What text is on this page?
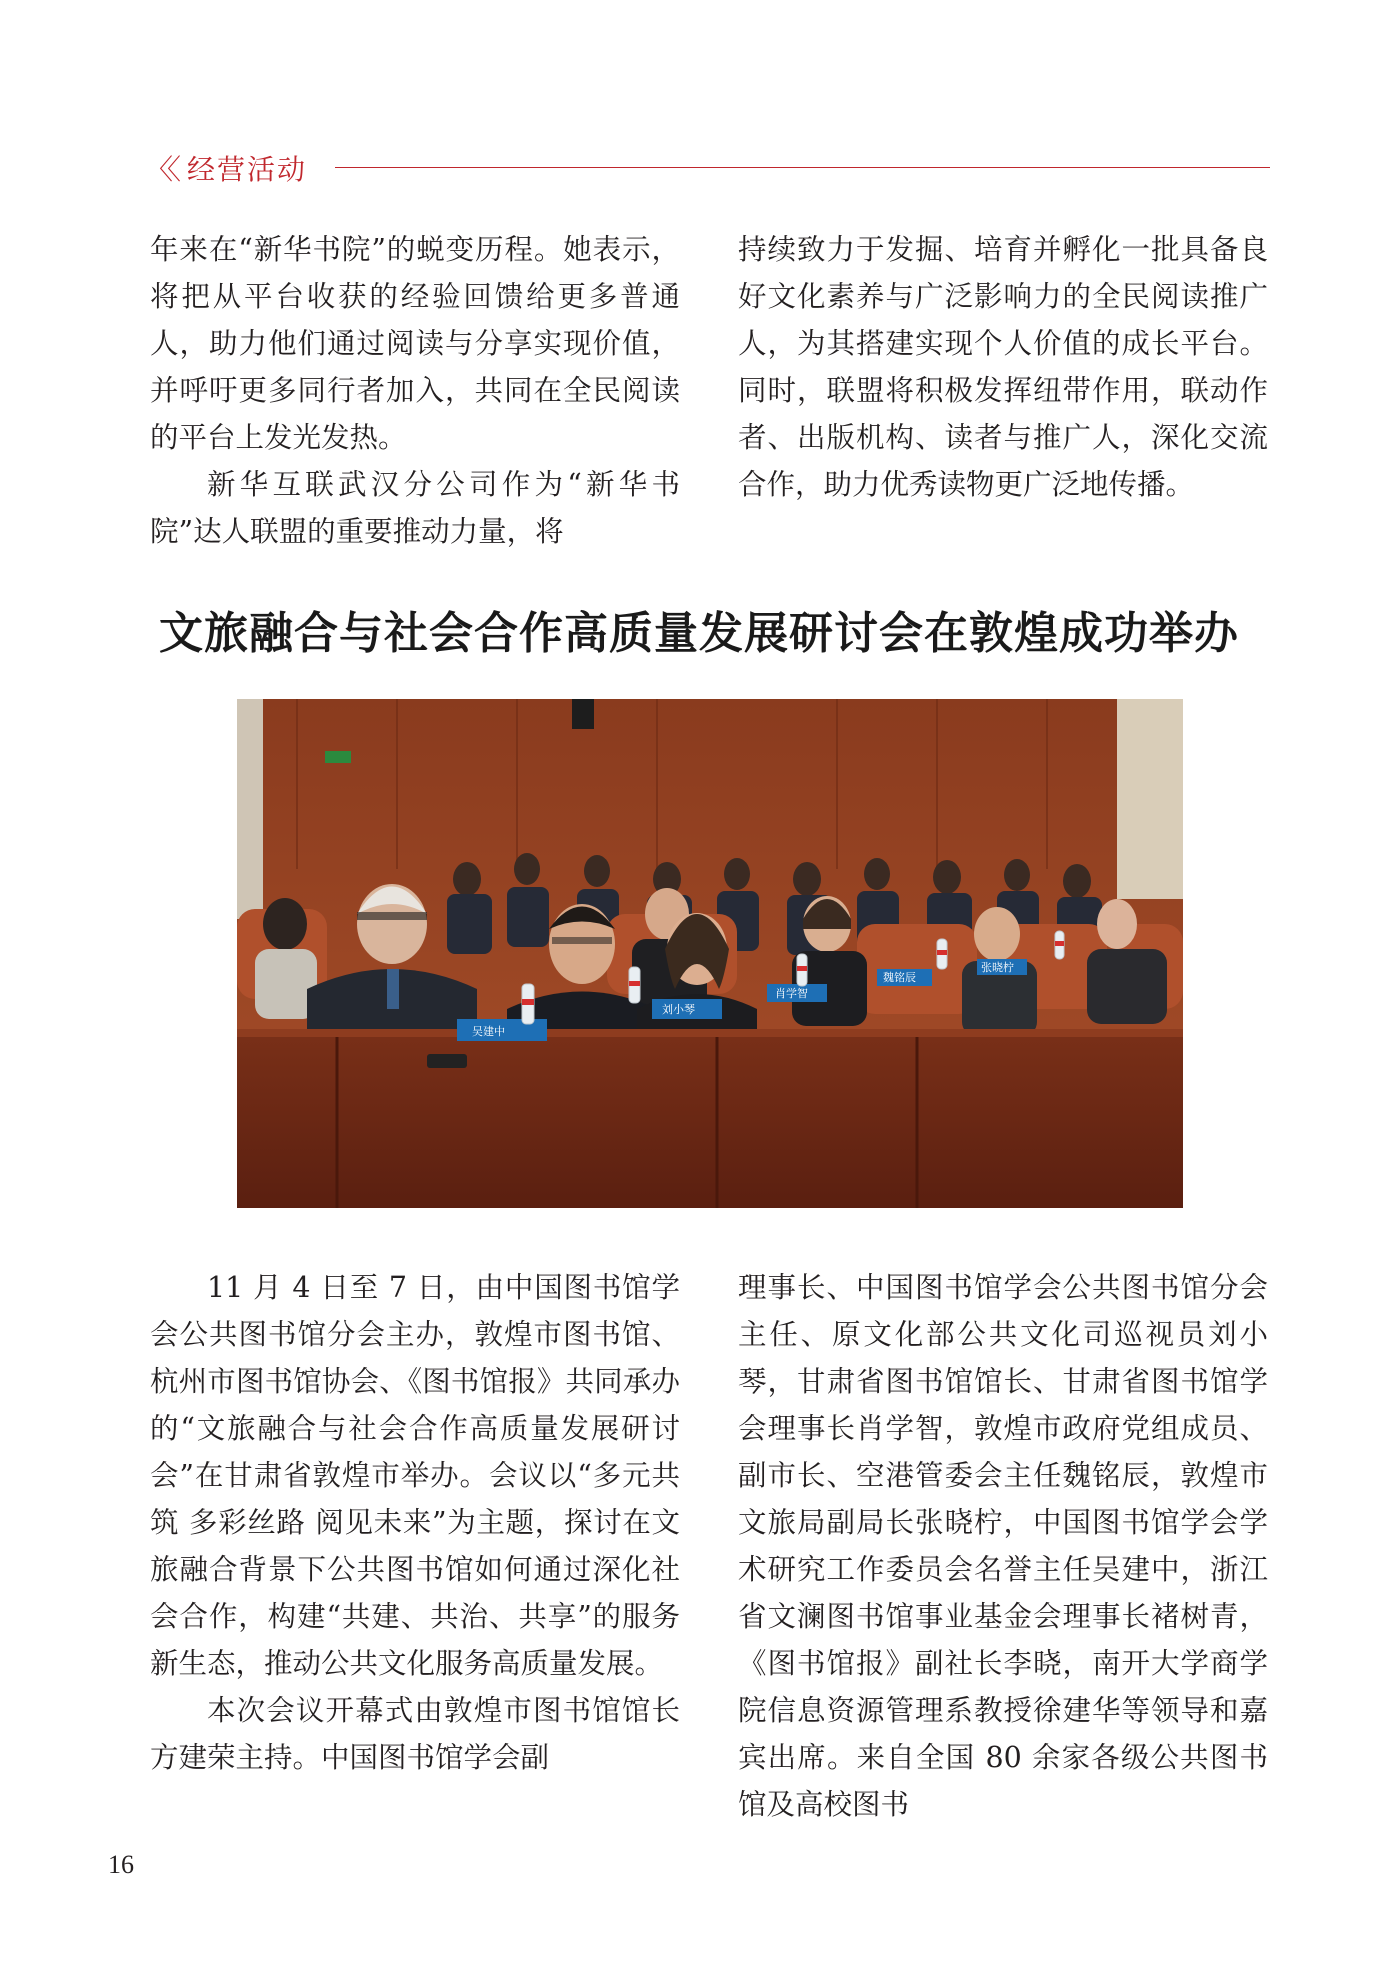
〈〈 经营活动

年来在“新华书院”的蜕变历程。她表示，将把从平台收获的经验回馈给更多普通人，助力他们通过阅读与分享实现价值，并呼吁更多同行者加入，共同在全民阅读的平台上发光发热。

新华互联武汉分公司作为“新华书院”达人联盟的重要推动力量，将

持续致力于发掘、培育并孵化一批具备良好文化素养与广泛影响力的全民阅读推广人，为其搭建实现个人价值的成长平台。同时，联盟将积极发挥纽带作用，联动作者、出版机构、读者与推广人，深化交流合作，助力优秀读物更广泛地传播。

文旅融合与社会合作高质量发展研讨会在敦煌成功举办
吴建中
刘小琴
肖学智
魏铭辰
张晓柠

11 月 4 日至 7 日，由中国图书馆学会公共图书馆分会主办，敦煌市图书馆、杭州市图书馆协会、《图书馆报》共同承办的“文旅融合与社会合作高质量发展研讨会”在甘肃省敦煌市举办。会议以“多元共筑 多彩丝路 阅见未来”为主题，探讨在文旅融合背景下公共图书馆如何通过深化社会合作，构建“共建、共治、共享”的服务新生态，推动公共文化服务高质量发展。

本次会议开幕式由敦煌市图书馆馆长方建荣主持。中国图书馆学会副

理事长、中国图书馆学会公共图书馆分会主任、原文化部公共文化司巡视员刘小琴，甘肃省图书馆馆长、甘肃省图书馆学会理事长肖学智，敦煌市政府党组成员、副市长、空港管委会主任魏铭辰，敦煌市文旅局副局长张晓柠，中国图书馆学会学术研究工作委员会名誉主任吴建中，浙江省文澜图书馆事业基金会理事长褚树青，《图书馆报》副社长李晓，南开大学商学院信息资源管理系教授徐建华等领导和嘉宾出席。来自全国 80 余家各级公共图书馆及高校图书

16
